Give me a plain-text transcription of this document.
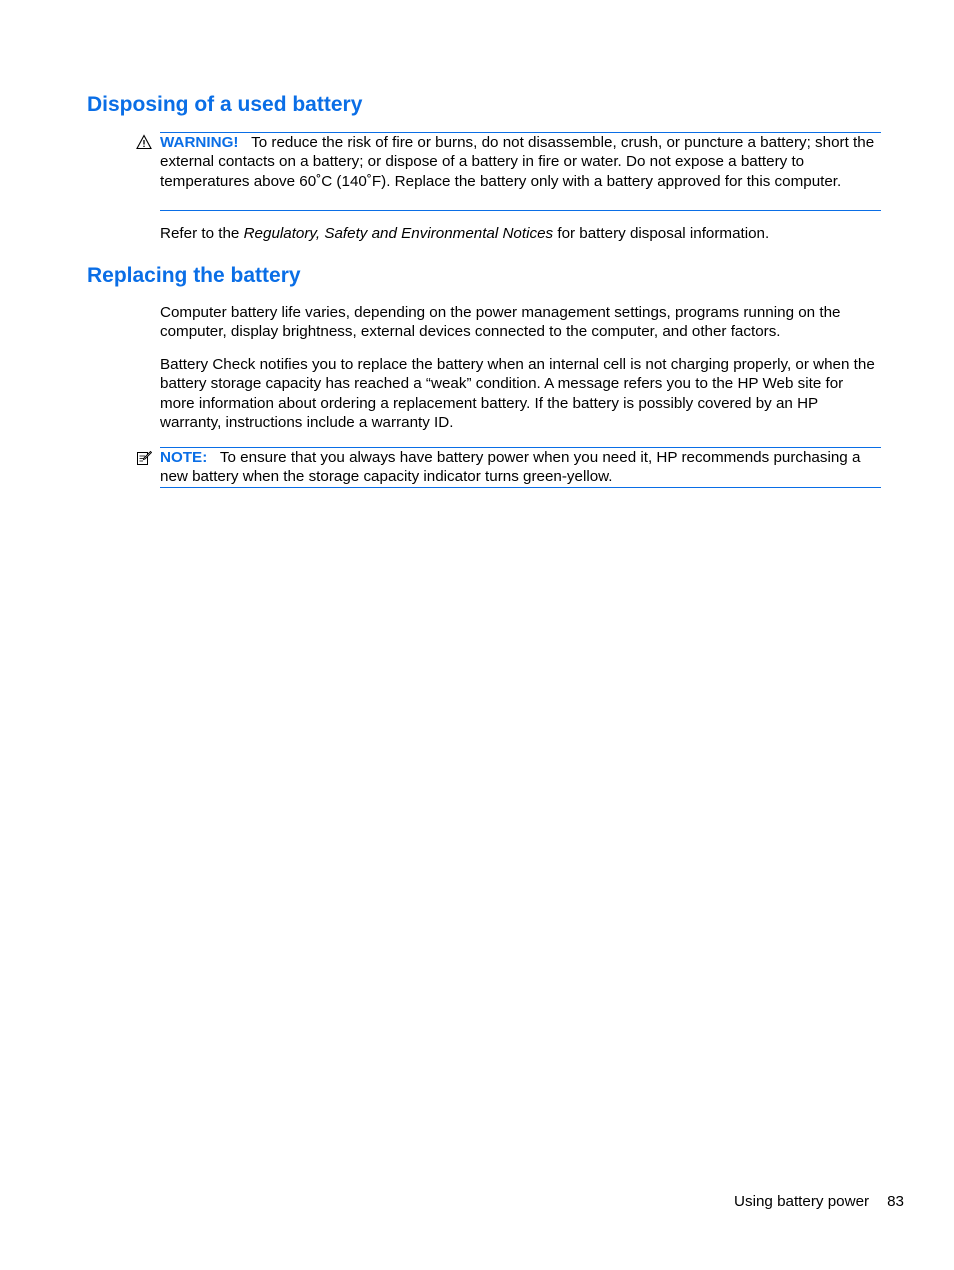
Disposing of a used battery
WARNING! To reduce the risk of fire or burns, do not disassemble, crush, or puncture a battery; short the external contacts on a battery; or dispose of a battery in fire or water. Do not expose a battery to temperatures above 60˚C (140˚F). Replace the battery only with a battery approved for this computer.

Refer to the Regulatory, Safety and Environmental Notices for battery disposal information.

Replacing the battery

Computer battery life varies, depending on the power management settings, programs running on the computer, display brightness, external devices connected to the computer, and other factors.

Battery Check notifies you to replace the battery when an internal cell is not charging properly, or when the battery storage capacity has reached a “weak” condition. A message refers you to the HP Web site for more information about ordering a replacement battery. If the battery is possibly covered by an HP warranty, instructions include a warranty ID.

NOTE: To ensure that you always have battery power when you need it, HP recommends purchasing a new battery when the storage capacity indicator turns green-yellow.
Using battery power 83
